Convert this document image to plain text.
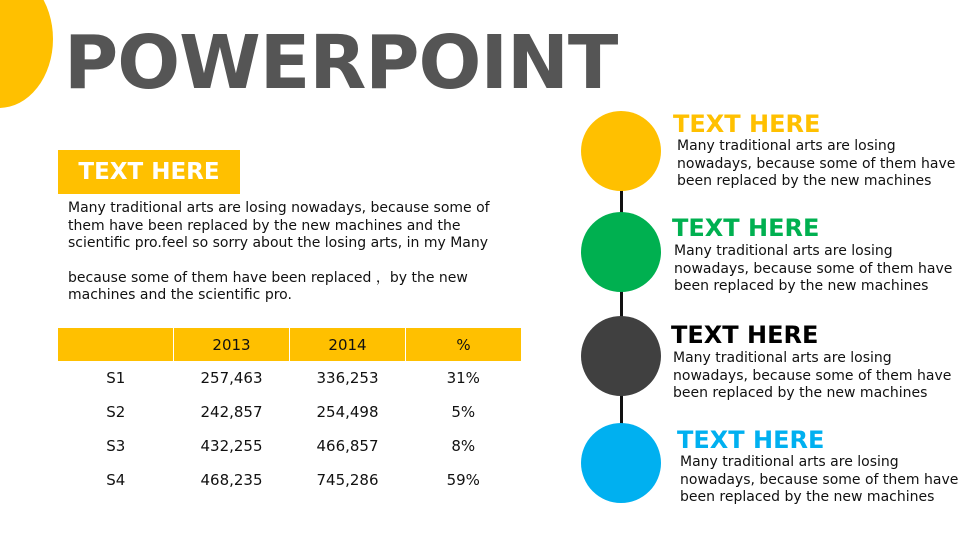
POWERPOINT
TEXT HERE

Many traditional arts are losing nowadays, because some of them have been replaced by the new machines and the scientific pro.feel so sorry about the losing arts, in my Many

because some of them have been replaced ，by the new machines and the scientific pro.

	2013	2014	%
S1	257,463	336,253	31%
S2	242,857	254,498	5%
S3	432,255	466,857	8%
S4	468,235	745,286	59%
TEXT HERE
Many traditional arts are losing nowadays, because some of them have been replaced by the new machines
TEXT HERE
Many traditional arts are losing nowadays, because some of them have been replaced by the new machines
TEXT HERE
Many traditional arts are losing nowadays, because some of them have been replaced by the new machines
TEXT HERE
Many traditional arts are losing nowadays, because some of them have been replaced by the new machines
